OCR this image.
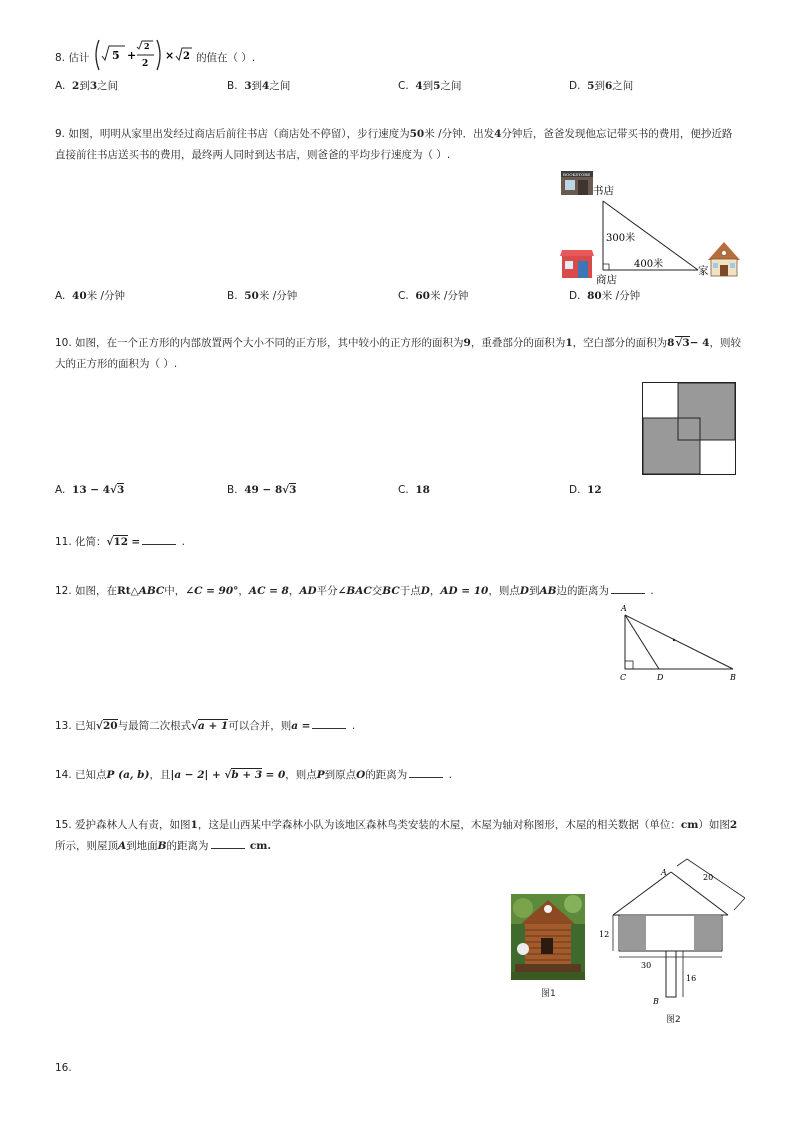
8. 估计 5 +
2
2
× 2 的值在（ ）.
A. 2到3之间	B. 3到4之间	C. 4到5之间	D. 5到6之间
9. 如图，明明从家里出发经过商店后前往书店（商店处不停留），步行速度为50米 /分钟．出发4分钟后，爸爸发现他忘记带买书的费用，便抄近路
直接前往书店送买书的费用，最终两人同时到达书店，则爸爸的平均步行速度为（ ）.
BOOKSTORE
书店
300米
400米
商店
家
A. 40米 /分钟	B. 50米 /分钟	C. 60米 /分钟	D. 80米 /分钟
10. 如图，在一个正方形的内部放置两个大小不同的正方形，其中较小的正方形的面积为9，重叠部分的面积为1，空白部分的面积为8√3− 4，则较
大的正方形的面积为（ ）.
A. 13 − 4√3	B. 49 − 8√3	C. 18	D. 12
11. 化简：√12 =	.
12. 如图，在Rt△ABC中，∠C = 90°，AC = 8，AD平分∠BAC交BC于点D，AD = 10，则点D到AB边的距离为	.
A
C	D	B
13. 已知√20与最简二次根式√a + 1可以合并，则a =	.
14. 已知点P (a, b)，且|a − 2| + √b + 3 = 0，则点P到原点O的距离为	.
15. 爱护森林人人有责，如图1，这是山西某中学森林小队为该地区森林鸟类安装的木屋，木屋为轴对称图形，木屋的相关数据（单位：cm）如图2
所示，则屋顶A到地面B的距离为	cm.
图1
20
A
12
30
16
B
图2
16.
